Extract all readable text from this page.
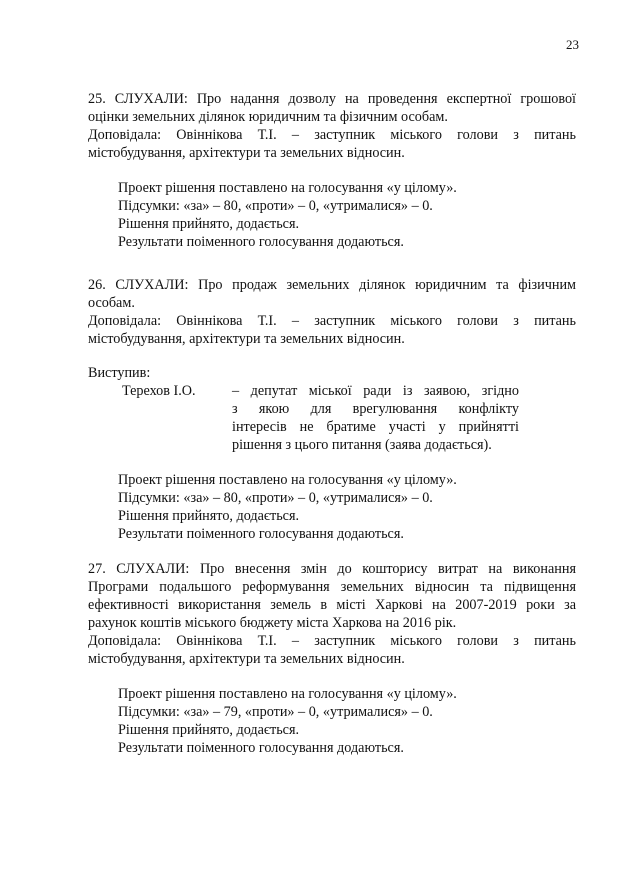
23

25. СЛУХАЛИ: Про надання дозволу на проведення експертної грошової

оцінки земельних ділянок юридичним та фізичним особам.

Доповідала: Овіннікова Т.І. – заступник міського голови з питань

містобудування, архітектури та земельних відносин.

Проект рішення поставлено на голосування «у цілому».

Підсумки: «за» – 80, «проти» – 0, «утрималися» – 0.

Рішення прийнято, додається.

Результати поіменного голосування додаються.

26. СЛУХАЛИ: Про продаж земельних ділянок юридичним та фізичним

особам.

Доповідала: Овіннікова Т.І. – заступник міського голови з питань

містобудування, архітектури та земельних відносин.

Виступив:

Терехов І.О.	– депутат міської ради із заявою, згідно
з якою для врегулювання конфлікту
інтересів не братиме участі у прийнятті
рішення з цього питання (заява додається).

Проект рішення поставлено на голосування «у цілому».

Підсумки: «за» – 80, «проти» – 0, «утрималися» – 0.

Рішення прийнято, додається.

Результати поіменного голосування додаються.

27. СЛУХАЛИ: Про внесення змін до кошторису витрат на виконання

Програми подальшого реформування земельних відносин та підвищення

ефективності використання земель в місті Харкові на 2007-2019 роки за

рахунок коштів міського бюджету міста Харкова на 2016 рік.

Доповідала: Овіннікова Т.І. – заступник міського голови з питань

містобудування, архітектури та земельних відносин.

Проект рішення поставлено на голосування «у цілому».

Підсумки: «за» – 79, «проти» – 0, «утрималися» – 0.

Рішення прийнято, додається.

Результати поіменного голосування додаються.
